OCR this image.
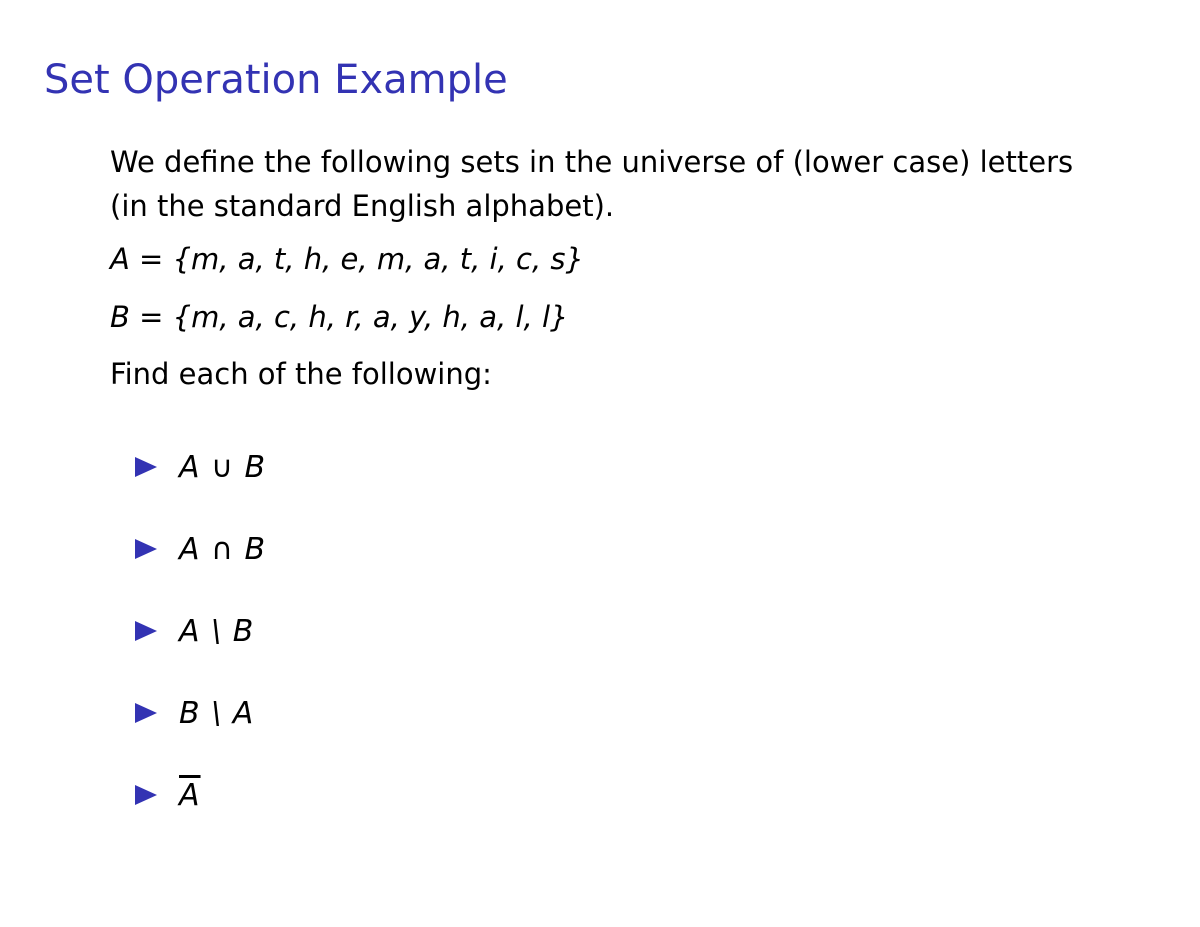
Set Operation Example

We define the following sets in the universe of (lower case) letters
(in the standard English alphabet).

A = {m, a, t, h, e, m, a, t, i, c, s}
B = {m, a, c, h, r, a, y, h, a, l, l}
Find each of the following:
A ∪ B
A ∩ B
A \ B
B \ A
$\overline{A}$
